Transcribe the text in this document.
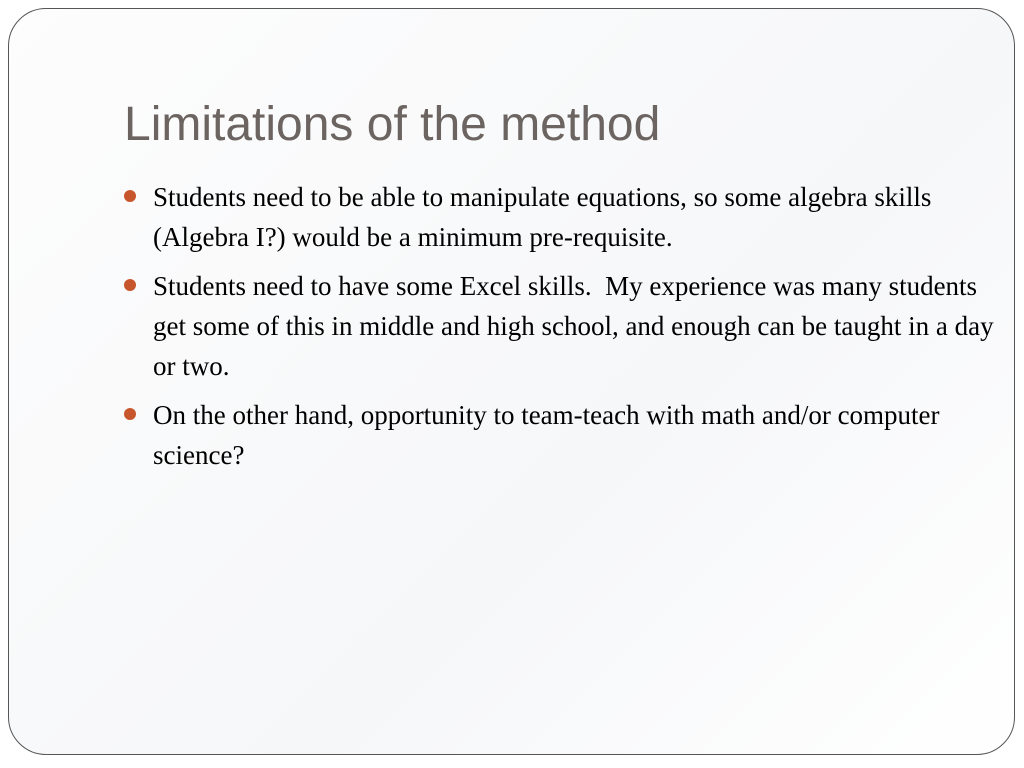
Limitations of the method
Students need to be able to manipulate equations, so some algebra skills (Algebra I?) would be a minimum pre-requisite.
Students need to have some Excel skills.  My experience was many students get some of this in middle and high school, and enough can be taught in a day or two.
On the other hand, opportunity to team-teach with math and/or computer science?
